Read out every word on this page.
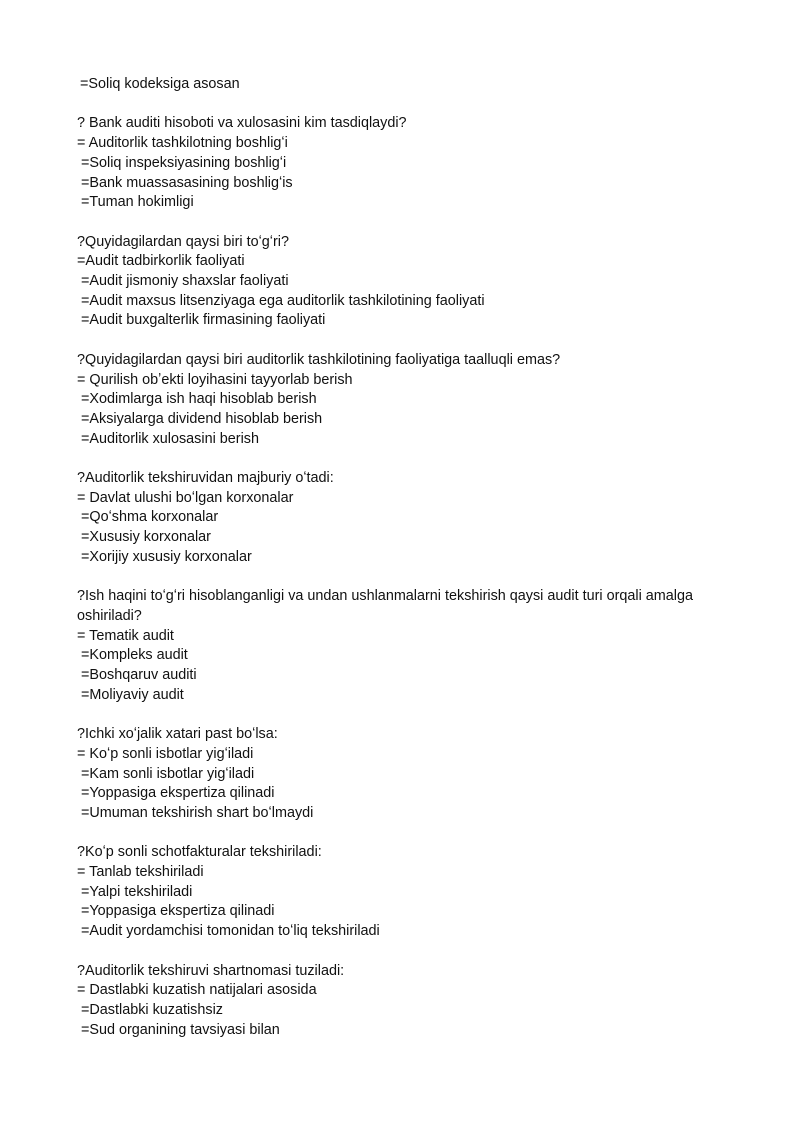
=Soliq kodeksiga asosan
? Bank auditi hisoboti va xulosasini kim tasdiqlaydi?
= Auditorlik tashkilotning boshligʻi
=Soliq inspeksiyasining boshligʻi
=Bank muassasasining boshligʻis
=Tuman hokimligi
?Quyidagilardan qaysi biri toʻgʻri?
=Audit tadbirkorlik faoliyati
=Audit jismoniy shaxslar faoliyati
=Audit maxsus litsenziyaga ega auditorlik tashkilotining faoliyati
=Audit buxgalterlik firmasining faoliyati
?Quyidagilardan qaysi biri auditorlik tashkilotining faoliyatiga taalluqli emas?
= Qurilish obʼekti loyihasini tayyorlab berish
=Xodimlarga ish haqi hisoblab berish
=Aksiyalarga dividend hisoblab berish
=Auditorlik xulosasini berish
?Auditorlik tekshiruvidan majburiy oʻtadi:
= Davlat ulushi boʻlgan korxonalar
=Qoʻshma korxonalar
=Xususiy korxonalar
=Xorijiy xususiy korxonalar
?Ish haqini toʻgʻri hisoblanganligi va undan ushlanmalarni tekshirish qaysi audit turi orqali amalga oshiriladi?
= Tematik audit
=Kompleks audit
=Boshqaruv auditi
=Moliyaviy audit
?Ichki xoʻjalik xatari past boʻlsa:
= Koʻp sonli isbotlar yigʻiladi
=Kam sonli isbotlar yigʻiladi
=Yoppasiga ekspertiza qilinadi
=Umuman tekshirish shart boʻlmaydi
?Koʻp sonli schotfakturalar tekshiriladi:
= Tanlab tekshiriladi
=Yalpi tekshiriladi
=Yoppasiga ekspertiza qilinadi
=Audit yordamchisi tomonidan toʻliq tekshiriladi
?Auditorlik tekshiruvi shartnomasi tuziladi:
= Dastlabki kuzatish natijalari asosida
=Dastlabki kuzatishsiz
=Sud organining tavsiyasi bilan
